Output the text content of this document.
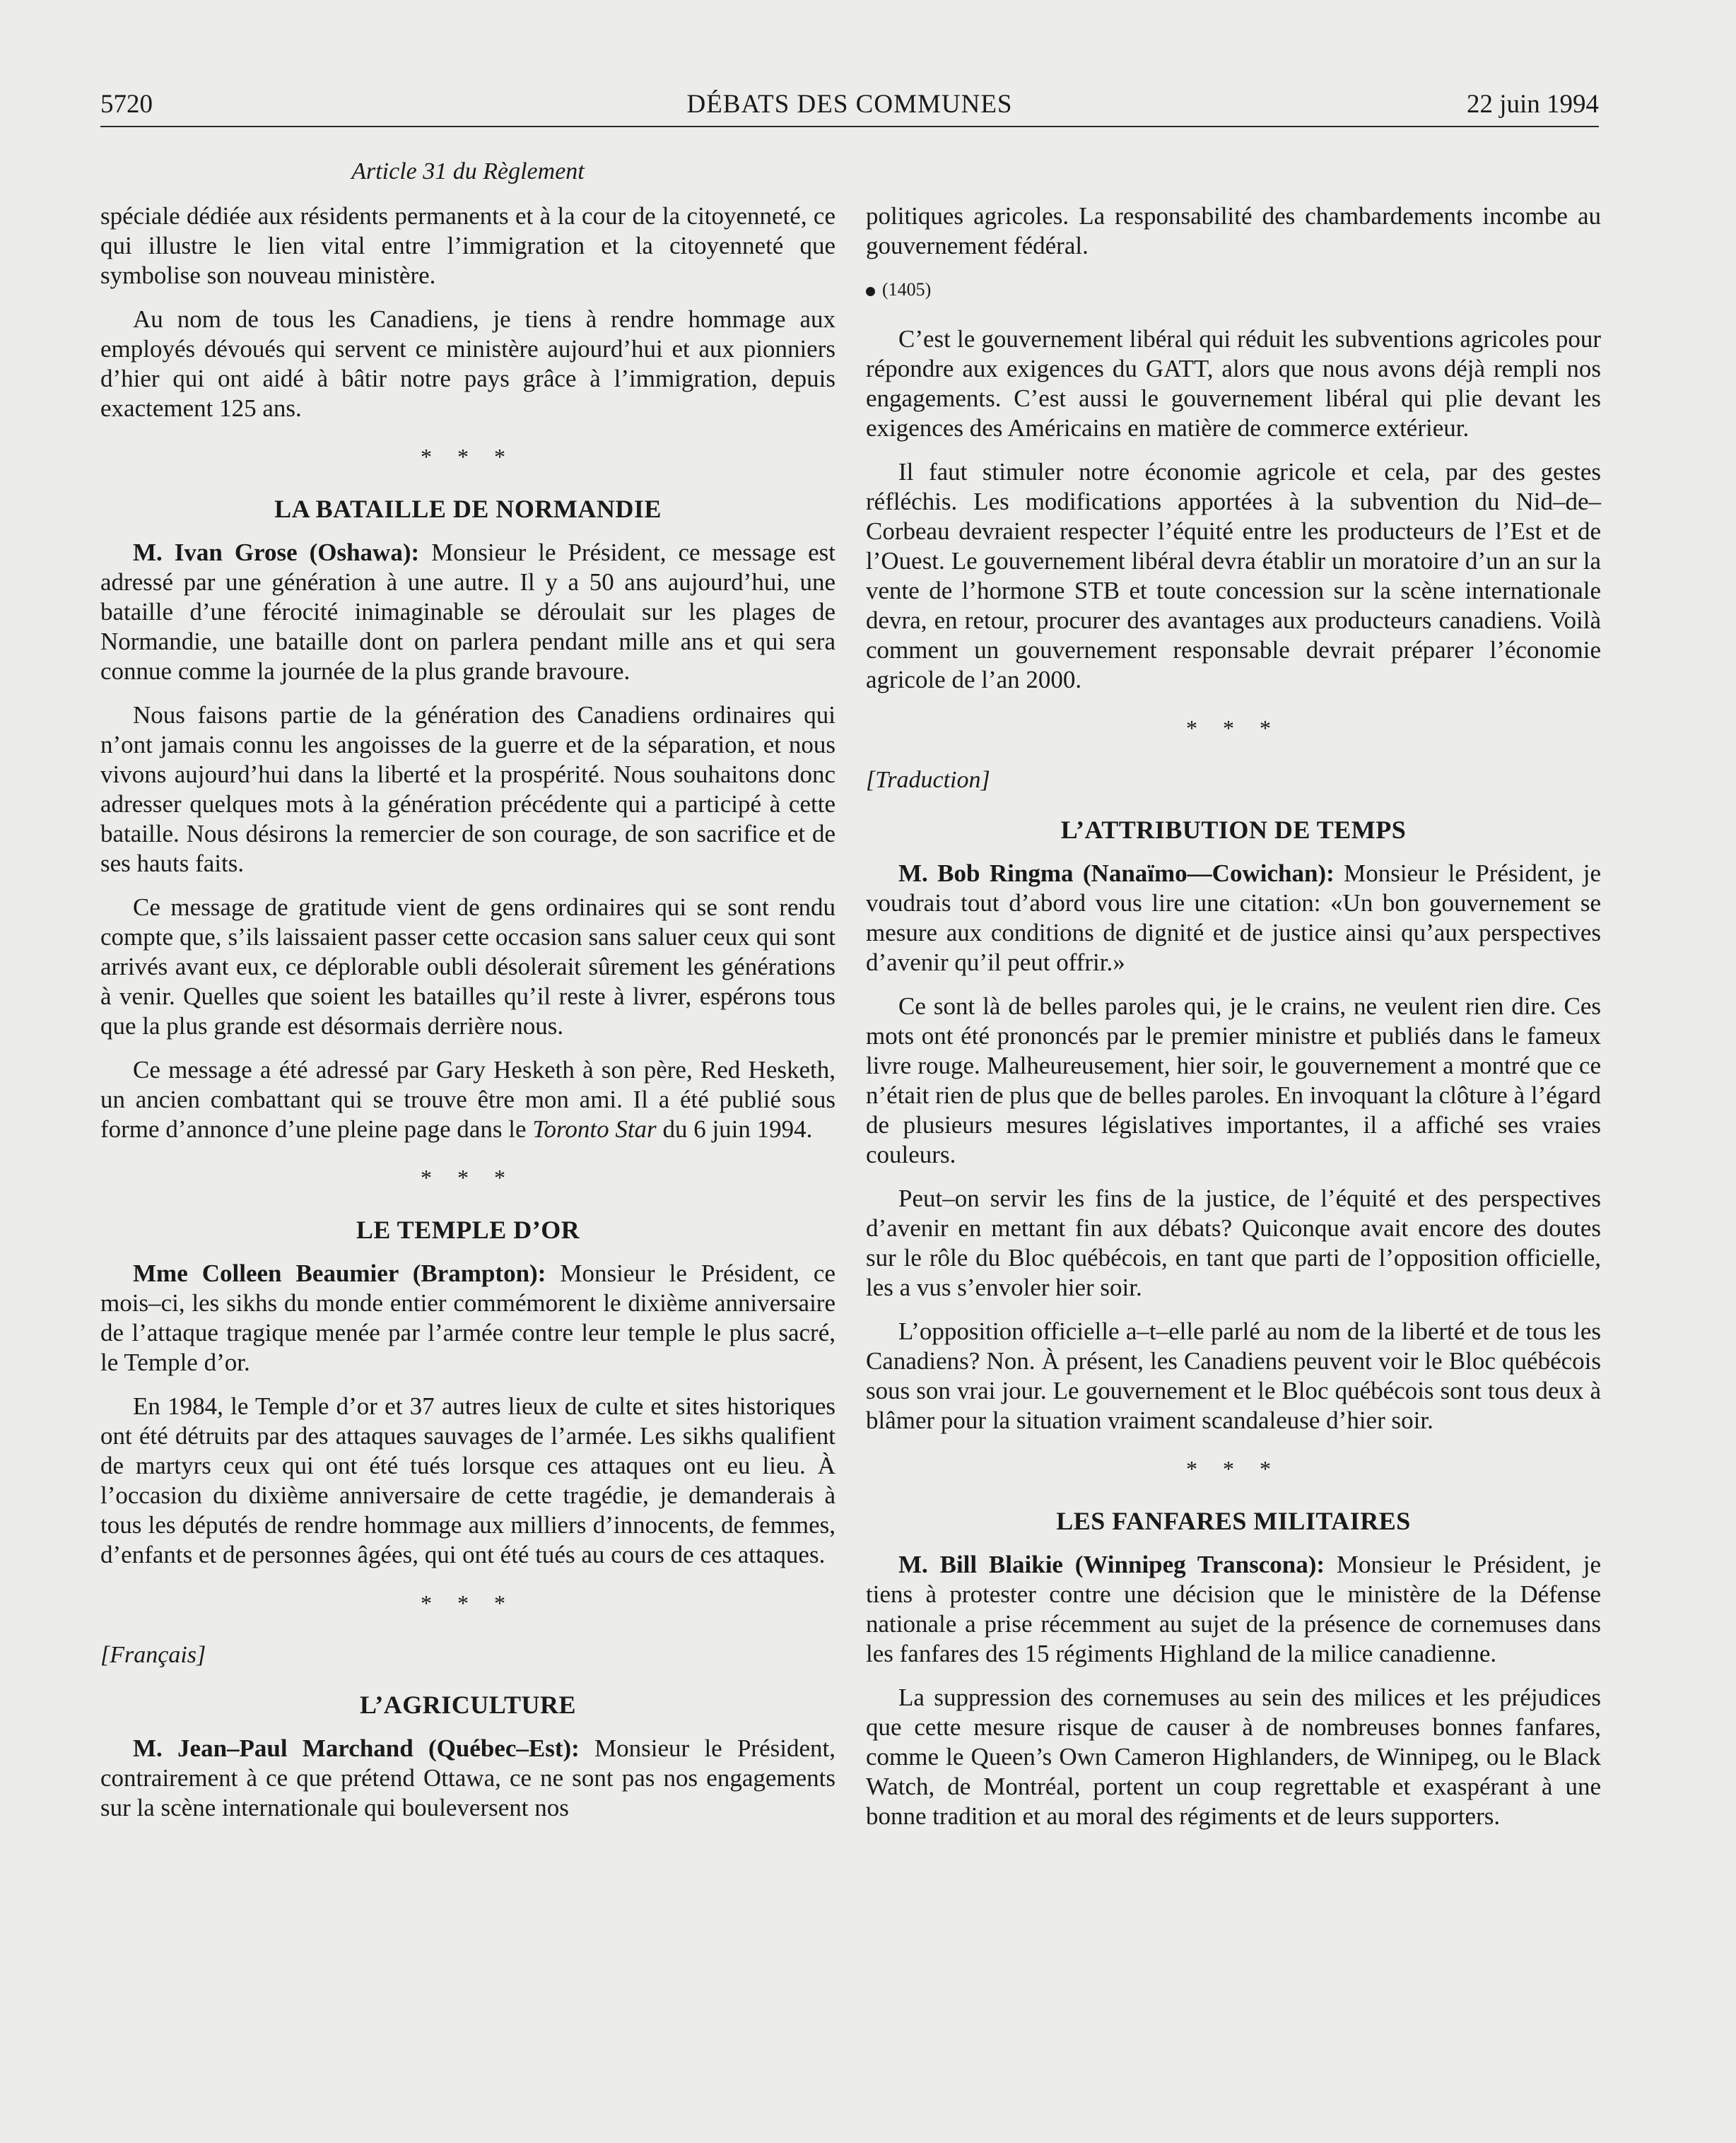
5720	DÉBATS DES COMMUNES	22 juin 1994
Article 31 du Règlement

spéciale dédiée aux résidents permanents et à la cour de la citoyenneté, ce qui illustre le lien vital entre l’immigration et la citoyenneté que symbolise son nouveau ministère.

Au nom de tous les Canadiens, je tiens à rendre hommage aux employés dévoués qui servent ce ministère aujourd’hui et aux pionniers d’hier qui ont aidé à bâtir notre pays grâce à l’immigration, depuis exactement 125 ans.

* * *
LA BATAILLE DE NORMANDIE

M. Ivan Grose (Oshawa): Monsieur le Président, ce message est adressé par une génération à une autre. Il y a 50 ans aujourd’hui, une bataille d’une férocité inimaginable se déroulait sur les plages de Normandie, une bataille dont on parlera pendant mille ans et qui sera connue comme la journée de la plus grande bravoure.

Nous faisons partie de la génération des Canadiens ordinaires qui n’ont jamais connu les angoisses de la guerre et de la séparation, et nous vivons aujourd’hui dans la liberté et la prospérité. Nous souhaitons donc adresser quelques mots à la génération précédente qui a participé à cette bataille. Nous désirons la remercier de son courage, de son sacrifice et de ses hauts faits.

Ce message de gratitude vient de gens ordinaires qui se sont rendu compte que, s’ils laissaient passer cette occasion sans saluer ceux qui sont arrivés avant eux, ce déplorable oubli désolerait sûrement les générations à venir. Quelles que soient les batailles qu’il reste à livrer, espérons tous que la plus grande est désormais derrière nous.

Ce message a été adressé par Gary Hesketh à son père, Red Hesketh, un ancien combattant qui se trouve être mon ami. Il a été publié sous forme d’annonce d’une pleine page dans le Toronto Star du 6 juin 1994.

* * *
LE TEMPLE D’OR

Mme Colleen Beaumier (Brampton): Monsieur le Président, ce mois–ci, les sikhs du monde entier commémorent le dixième anniversaire de l’attaque tragique menée par l’armée contre leur temple le plus sacré, le Temple d’or.

En 1984, le Temple d’or et 37 autres lieux de culte et sites historiques ont été détruits par des attaques sauvages de l’armée. Les sikhs qualifient de martyrs ceux qui ont été tués lorsque ces attaques ont eu lieu. À l’occasion du dixième anniversaire de cette tragédie, je demanderais à tous les députés de rendre hommage aux milliers d’innocents, de femmes, d’enfants et de personnes âgées, qui ont été tués au cours de ces attaques.

* * *
[Français]
L’AGRICULTURE

M. Jean–Paul Marchand (Québec–Est): Monsieur le Président, contrairement à ce que prétend Ottawa, ce ne sont pas nos engagements sur la scène internationale qui bouleversent nos

politiques agricoles. La responsabilité des chambardements incombe au gouvernement fédéral.

(1405)

C’est le gouvernement libéral qui réduit les subventions agricoles pour répondre aux exigences du GATT, alors que nous avons déjà rempli nos engagements. C’est aussi le gouvernement libéral qui plie devant les exigences des Américains en matière de commerce extérieur.

Il faut stimuler notre économie agricole et cela, par des gestes réfléchis. Les modifications apportées à la subvention du Nid–de–Corbeau devraient respecter l’équité entre les producteurs de l’Est et de l’Ouest. Le gouvernement libéral devra établir un moratoire d’un an sur la vente de l’hormone STB et toute concession sur la scène internationale devra, en retour, procurer des avantages aux producteurs canadiens. Voilà comment un gouvernement responsable devrait préparer l’économie agricole de l’an 2000.

* * *
[Traduction]
L’ATTRIBUTION DE TEMPS

M. Bob Ringma (Nanaïmo—Cowichan): Monsieur le Président, je voudrais tout d’abord vous lire une citation: «Un bon gouvernement se mesure aux conditions de dignité et de justice ainsi qu’aux perspectives d’avenir qu’il peut offrir.»

Ce sont là de belles paroles qui, je le crains, ne veulent rien dire. Ces mots ont été prononcés par le premier ministre et publiés dans le fameux livre rouge. Malheureusement, hier soir, le gouvernement a montré que ce n’était rien de plus que de belles paroles. En invoquant la clôture à l’égard de plusieurs mesures législatives importantes, il a affiché ses vraies couleurs.

Peut–on servir les fins de la justice, de l’équité et des perspectives d’avenir en mettant fin aux débats? Quiconque avait encore des doutes sur le rôle du Bloc québécois, en tant que parti de l’opposition officielle, les a vus s’envoler hier soir.

L’opposition officielle a–t–elle parlé au nom de la liberté et de tous les Canadiens? Non. À présent, les Canadiens peuvent voir le Bloc québécois sous son vrai jour. Le gouvernement et le Bloc québécois sont tous deux à blâmer pour la situation vraiment scandaleuse d’hier soir.

* * *
LES FANFARES MILITAIRES

M. Bill Blaikie (Winnipeg Transcona): Monsieur le Président, je tiens à protester contre une décision que le ministère de la Défense nationale a prise récemment au sujet de la présence de cornemuses dans les fanfares des 15 régiments Highland de la milice canadienne.

La suppression des cornemuses au sein des milices et les préjudices que cette mesure risque de causer à de nombreuses bonnes fanfares, comme le Queen’s Own Cameron Highlanders, de Winnipeg, ou le Black Watch, de Montréal, portent un coup regrettable et exaspérant à une bonne tradition et au moral des régiments et de leurs supporters.
